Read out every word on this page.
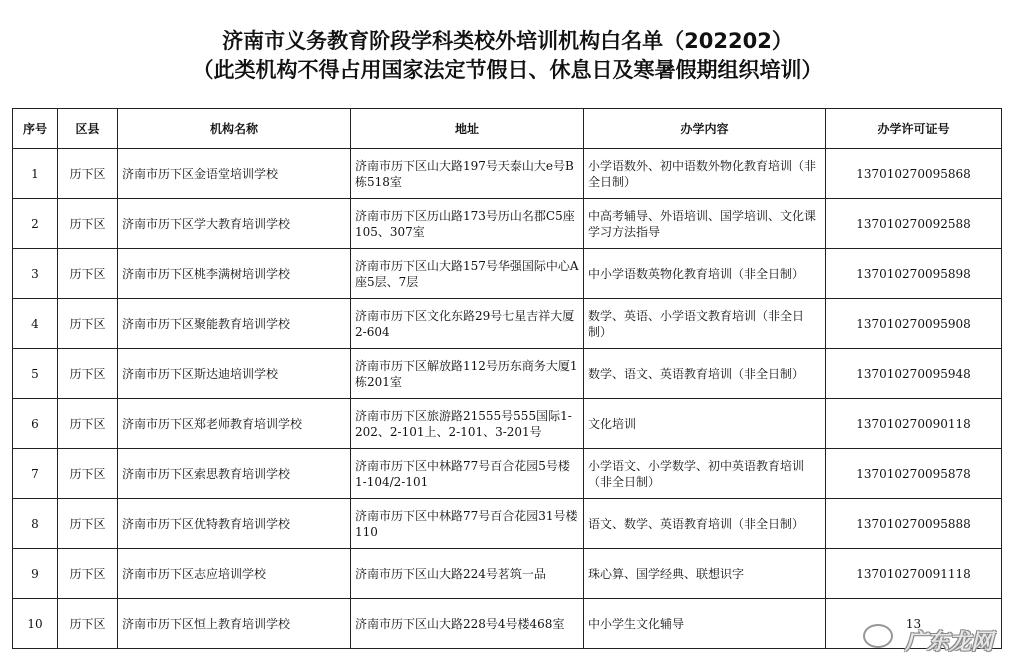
济南市义务教育阶段学科类校外培训机构白名单（202202）
（此类机构不得占用国家法定节假日、休息日及寒暑假期组织培训）
序号	区县	机构名称	地址	办学内容	办学许可证号
1	历下区	济南市历下区金语堂培训学校	济南市历下区山大路197号天泰山大e号B栋518室	小学语数外、初中语数外物化教育培训（非全日制）	137010270095868
2	历下区	济南市历下区学大教育培训学校	济南市历下区历山路173号历山名郡C5座105、307室	中高考辅导、外语培训、国学培训、文化课学习方法指导	137010270092588
3	历下区	济南市历下区桃李满树培训学校	济南市历下区山大路157号华强国际中心A座5层、7层	中小学语数英物化教育培训（非全日制）	137010270095898
4	历下区	济南市历下区聚能教育培训学校	济南市历下区文化东路29号七星吉祥大厦2-604	数学、英语、小学语文教育培训（非全日制）	137010270095908
5	历下区	济南市历下区斯达迪培训学校	济南市历下区解放路112号历东商务大厦1栋201室	数学、语文、英语教育培训（非全日制）	137010270095948
6	历下区	济南市历下区郑老师教育培训学校	济南市历下区旅游路21555号555国际1-202、2-101上、2-101、3-201号	文化培训	137010270090118
7	历下区	济南市历下区索思教育培训学校	济南市历下区中林路77号百合花园5号楼1-104/2-101	小学语文、小学数学、初中英语教育培训（非全日制）	137010270095878
8	历下区	济南市历下区优特教育培训学校	济南市历下区中林路77号百合花园31号楼110	语文、数学、英语教育培训（非全日制）	137010270095888
9	历下区	济南市历下区志应培训学校	济南市历下区山大路224号茗筑一品	珠心算、国学经典、联想识字	137010270091118
10	历下区	济南市历下区恒上教育培训学校	济南市历下区山大路228号4号楼468室	中小学生文化辅导	13
广东龙网
